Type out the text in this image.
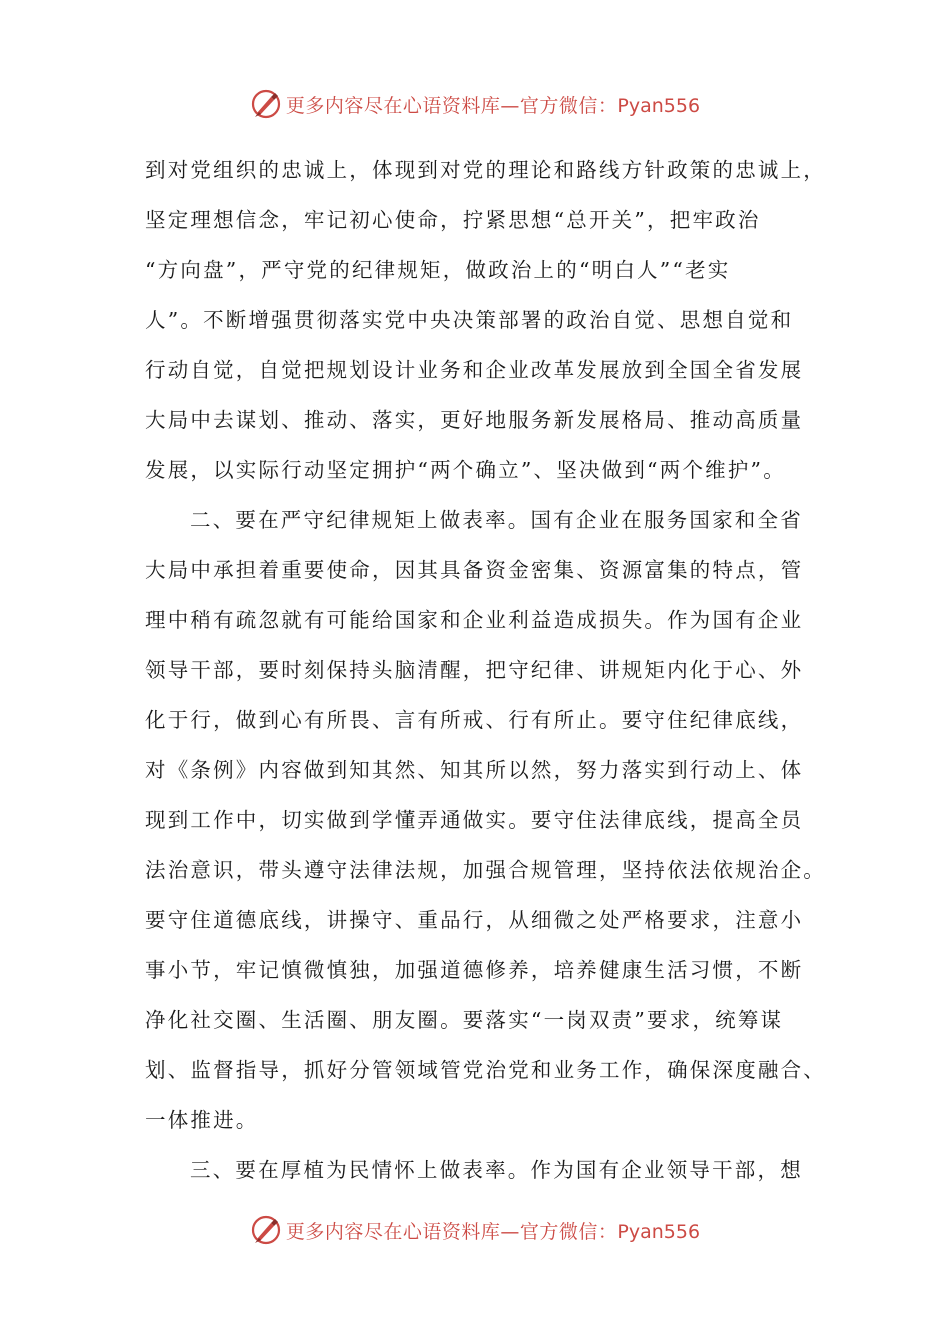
更多内容尽在心语资料库—官方微信：Pyan556
到对党组织的忠诚上，体现到对党的理论和路线方针政策的忠诚上，
坚定理想信念，牢记初心使命，拧紧思想“总开关”，把牢政治
“方向盘”，严守党的纪律规矩，做政治上的“明白人”“老实
人”。不断增强贯彻落实党中央决策部署的政治自觉、思想自觉和
行动自觉，自觉把规划设计业务和企业改革发展放到全国全省发展
大局中去谋划、推动、落实，更好地服务新发展格局、推动高质量
发展，以实际行动坚定拥护“两个确立”、坚决做到“两个维护”。
二、要在严守纪律规矩上做表率。国有企业在服务国家和全省
大局中承担着重要使命，因其具备资金密集、资源富集的特点，管
理中稍有疏忽就有可能给国家和企业利益造成损失。作为国有企业
领导干部，要时刻保持头脑清醒，把守纪律、讲规矩内化于心、外
化于行，做到心有所畏、言有所戒、行有所止。要守住纪律底线，
对《条例》内容做到知其然、知其所以然，努力落实到行动上、体
现到工作中，切实做到学懂弄通做实。要守住法律底线，提高全员
法治意识，带头遵守法律法规，加强合规管理，坚持依法依规治企。
要守住道德底线，讲操守、重品行，从细微之处严格要求，注意小
事小节，牢记慎微慎独，加强道德修养，培养健康生活习惯，不断
净化社交圈、生活圈、朋友圈。要落实“一岗双责”要求，统筹谋
划、监督指导，抓好分管领域管党治党和业务工作，确保深度融合、
一体推进。
三、要在厚植为民情怀上做表率。作为国有企业领导干部，想
更多内容尽在心语资料库—官方微信：Pyan556
